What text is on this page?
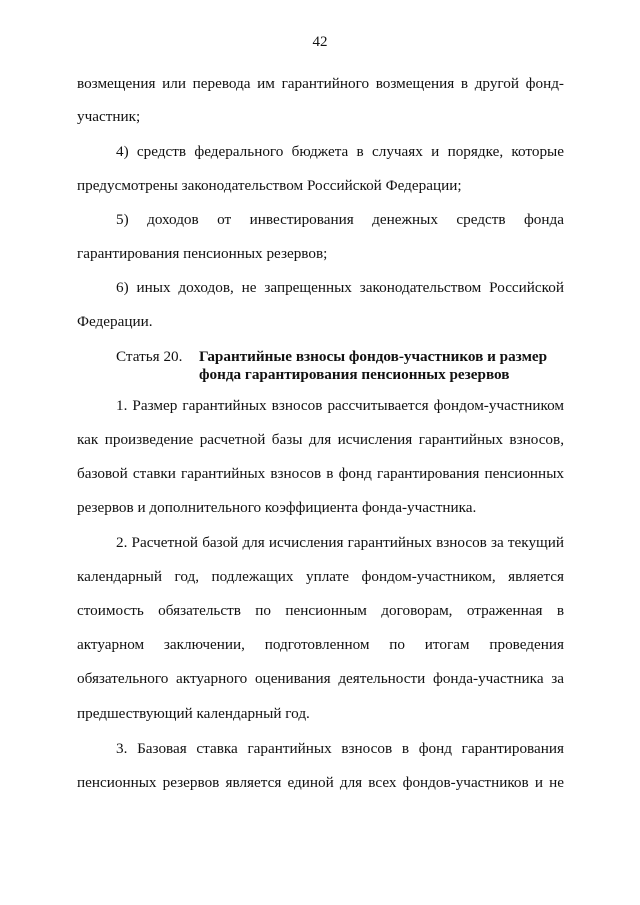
42
возмещения или перевода им гарантийного возмещения в другой фонд-
участник;
4) средств федерального бюджета в случаях и порядке, которые
предусмотрены законодательством Российской Федерации;
5) доходов от инвестирования денежных средств фонда
гарантирования пенсионных резервов;
6) иных доходов, не запрещенных законодательством Российской
Федерации.
Статья 20. Гарантийные взносы фондов-участников и размер
фонда гарантирования пенсионных резервов
1. Размер гарантийных взносов рассчитывается фондом-участником
как произведение расчетной базы для исчисления гарантийных взносов,
базовой ставки гарантийных взносов в фонд гарантирования пенсионных
резервов и дополнительного коэффициента фонда-участника.
2. Расчетной базой для исчисления гарантийных взносов за текущий
календарный год, подлежащих уплате фондом-участником, является
стоимость обязательств по пенсионным договорам, отраженная в
актуарном заключении, подготовленном по итогам проведения
обязательного актуарного оценивания деятельности фонда-участника за
предшествующий календарный год.
3. Базовая ставка гарантийных взносов в фонд гарантирования
пенсионных резервов является единой для всех фондов-участников и не
